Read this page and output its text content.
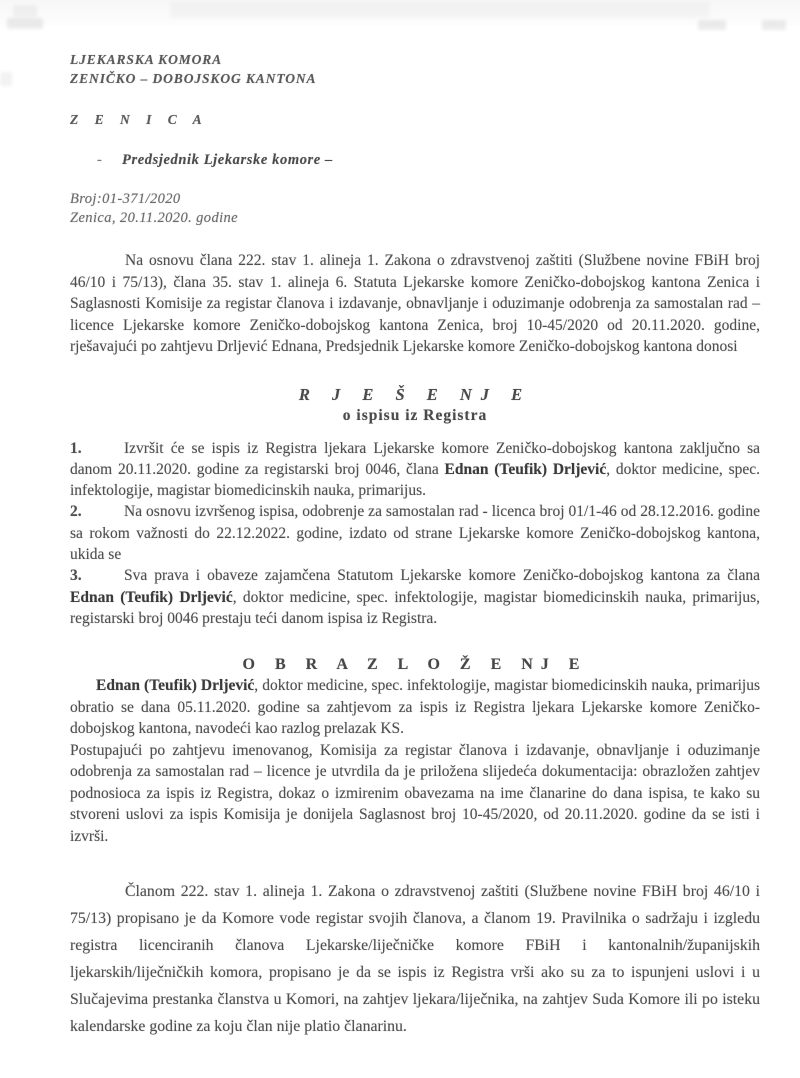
LJEKARSKA KOMORA
ZENIČKO – DOBOJSKOG KANTONA
Z E N I C A
- Predsjednik Ljekarske komore –
Broj:01-371/2020
Zenica, 20.11.2020. godine

Na osnovu člana 222. stav 1. alineja 1. Zakona o zdravstvenoj zaštiti (Službene novine FBiH broj 46/10 i 75/13), člana 35. stav 1. alineja 6. Statuta Ljekarske komore Zeničko-dobojskog kantona Zenica i Saglasnosti Komisije za registar članova i izdavanje, obnavljanje i oduzimanje odobrenja za samostalan rad – licence Ljekarske komore Zeničko-dobojskog kantona Zenica, broj 10-45/2020 od 20.11.2020. godine, rješavajući po zahtjevu Drljević Ednana, Predsjednik Ljekarske komore Zeničko-dobojskog kantona donosi

R J E Š E NJ E
o ispisu iz Registra

1.	Izvršit će se ispis iz Registra ljekara Ljekarske komore Zeničko-dobojskog kantona zaključno sa danom 20.11.2020. godine za registarski broj 0046, člana Ednan (Teufik) Drljević, doktor medicine, spec. infektologije, magistar biomedicinskih nauka, primarijus.

2.	Na osnovu izvršenog ispisa, odobrenje za samostalan rad - licenca broj 01/1-46 od 28.12.2016. godine sa rokom važnosti do 22.12.2022. godine, izdato od strane Ljekarske komore Zeničko-dobojskog kantona, ukida se

3.	Sva prava i obaveze zajamčena Statutom Ljekarske komore Zeničko-dobojskog kantona za člana Ednan (Teufik) Drljević, doktor medicine, spec. infektologije, magistar biomedicinskih nauka, primarijus, registarski broj 0046 prestaju teći danom ispisa iz Registra.

O B R A Z L O Ž E NJ E

Ednan (Teufik) Drljević, doktor medicine, spec. infektologije, magistar biomedicinskih nauka, primarijus obratio se dana 05.11.2020. godine sa zahtjevom za ispis iz Registra ljekara Ljekarske komore Zeničko-dobojskog kantona, navodeći kao razlog prelazak KS.

Postupajući po zahtjevu imenovanog, Komisija za registar članova i izdavanje, obnavljanje i oduzimanje odobrenja za samostalan rad – licence je utvrdila da je priložena slijedeća dokumentacija: obrazložen zahtjev podnosioca za ispis iz Registra, dokaz o izmirenim obavezama na ime članarine do dana ispisa, te kako su stvoreni uslovi za ispis Komisija je donijela Saglasnost broj 10-45/2020, od 20.11.2020. godine da se isti i izvrši.

Članom 222. stav 1. alineja 1. Zakona o zdravstvenoj zaštiti (Službene novine FBiH broj 46/10 i 75/13) propisano je da Komore vode registar svojih članova, a članom 19. Pravilnika o sadržaju i izgledu registra licenciranih članova Ljekarske/liječničke komore FBiH i kantonalnih/županijskih ljekarskih/liječničkih komora, propisano je da se ispis iz Registra vrši ako su za to ispunjeni uslovi i u Slučajevima prestanka članstva u Komori, na zahtjev ljekara/liječnika, na zahtjev Suda Komore ili po isteku kalendarske godine za koju član nije platio članarinu.
